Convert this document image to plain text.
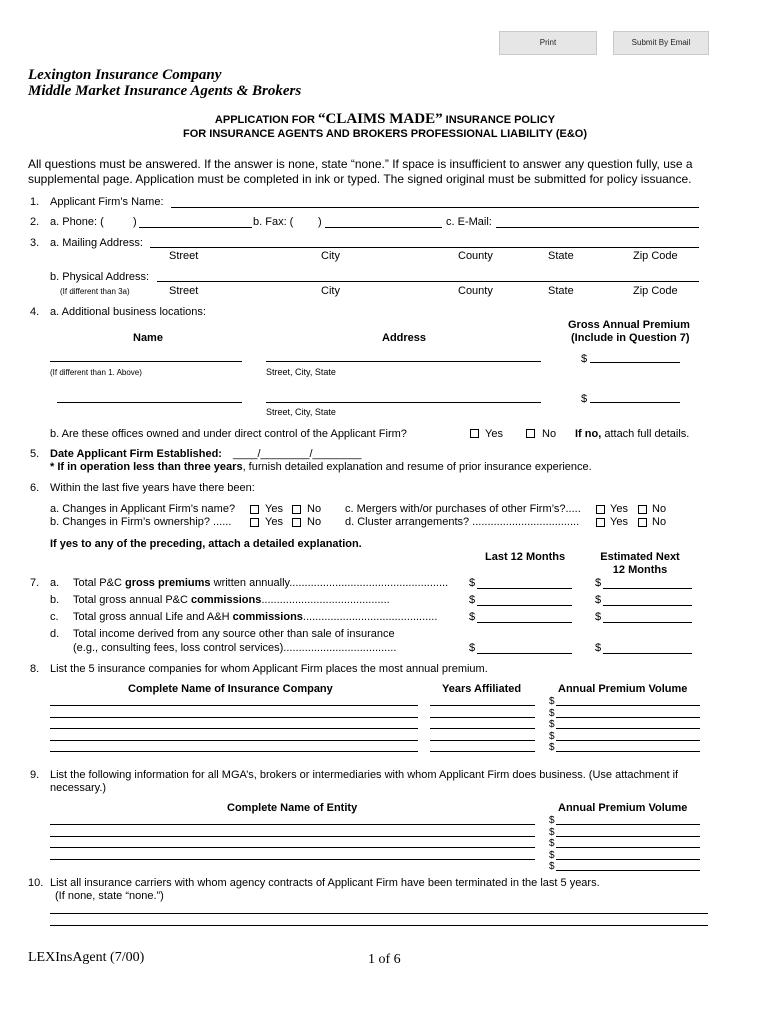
Print	Submit By Email
Lexington Insurance Company
Middle Market Insurance Agents & Brokers
APPLICATION FOR “CLAIMS MADE” INSURANCE POLICY
FOR INSURANCE AGENTS AND BROKERS PROFESSIONAL LIABILITY (E&O)
All questions must be answered. If the answer is none, state “none.” If space is insufficient to answer any question fully, use a
supplemental page. Application must be completed in ink or typed. The signed original must be submitted for policy issuance.
1. Applicant Firm’s Name:
2. a. Phone: (	)	b. Fax: ( )	c. E-Mail:
3. a. Mailing Address:
Street	City	County	State	Zip Code
b. Physical Address:
(If different than 3a)	Street	City	County	State	Zip Code
4. a. Additional business locations:
Gross Annual Premium
Name	Address	(Include in Question 7)
$
(If different than 1. Above)	Street, City, State
$
Street, City, State
b. Are these offices owned and under direct control of the Applicant Firm?	Yes	No If no, attach full details.
5. Date Applicant Firm Established: ____/________/________
* If in operation less than three years, furnish detailed explanation and resume of prior insurance experience.
6. Within the last five years have there been:
a. Changes in Applicant Firm’s name?	Yes No c. Mergers with/or purchases of other Firm’s?.....	Yes No
b. Changes in Firm’s ownership? ......	Yes No d. Cluster arrangements? ...................................	Yes No
If yes to any of the preceding, attach a detailed explanation.
Last 12 Months	Estimated Next
12 Months
7. a. Total P&C gross premiums written annually.................................................... $	$
b. Total gross annual P&C commissions..........................................	$	$
c. Total gross annual Life and A&H commissions............................................	$	$
d. Total income derived from any source other than sale of insurance
(e.g., consulting fees, loss control services).....................................	$	$
8. List the 5 insurance companies for whom Applicant Firm places the most annual premium.
Complete Name of Insurance Company	Years Affiliated	Annual Premium Volume
$
$
$
$
$
9. List the following information for all MGA’s, brokers or intermediaries with whom Applicant Firm does business. (Use attachment if
necessary.)
Complete Name of Entity	Annual Premium Volume
$
$
$
$
$
10. List all insurance carriers with whom agency contracts of Applicant Firm have been terminated in the last 5 years.
(If none, state “none.”)
LEXInsAgent (7/00)	1 of 6
